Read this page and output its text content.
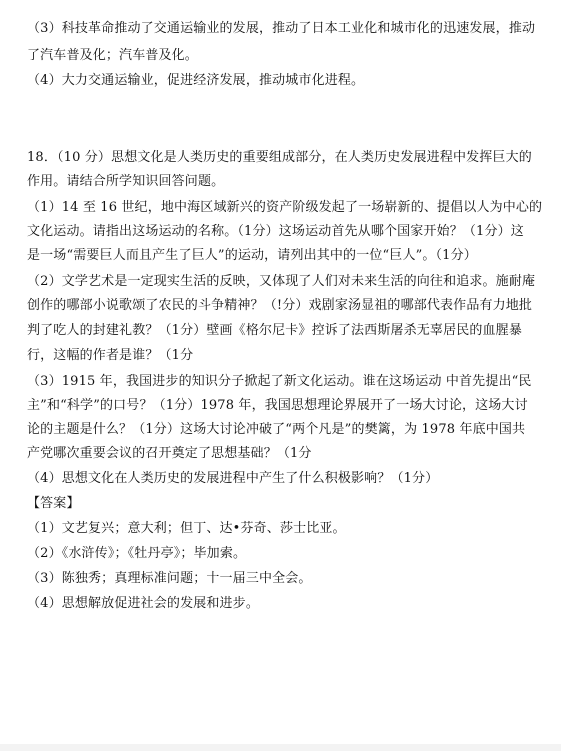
（3）科技革命推动了交通运输业的发展，推动了日本工业化和城市化的迅速发展，推动
了汽车普及化；汽车普及化。
（4）大力交通运输业，促进经济发展，推动城市化进程。
18．（10 分）思想文化是人类历史的重要组成部分，在人类历史发展进程中发挥巨大的
作用。请结合所学知识回答问题。
（1）14 至 16 世纪，地中海区域新兴的资产阶级发起了一场崭新的、提倡以人为中心的
文化运动。请指出这场运动的名称。（1分）这场运动首先从哪个国家开始？（1分）这
是一场“需要巨人而且产生了巨人”的运动，请列出其中的一位“巨人”。（1分）
（2）文学艺术是一定现实生活的反映，又体现了人们对未来生活的向往和追求。施耐庵
创作的哪部小说歌颂了农民的斗争精神？（!分）戏剧家汤显祖的哪部代表作品有力地批
判了吃人的封建礼教？（1分）壁画《格尔尼卡》控诉了法西斯屠杀无辜居民的血腥暴
行，这幅的作者是谁？（1分
（3）1915 年，我国进步的知识分子掀起了新文化运动。谁在这场运动 中首先提出“民
主”和“科学”的口号？（1分）1978 年，我国思想理论界展开了一场大讨论，这场大讨
论的主题是什么？（1分）这场大讨论冲破了“两个凡是”的樊篱，为 1978 年底中国共
产党哪次重要会议的召开奠定了思想基础？（1分
（4）思想文化在人类历史的发展进程中产生了什么积极影响？（1分）
【答案】
（1）文艺复兴；意大利；但丁、达•芬奇、莎士比亚。
（2）《水浒传》；《牡丹亭》；毕加索。
（3）陈独秀；真理标准问题；十一届三中全会。
（4）思想解放促进社会的发展和进步。
